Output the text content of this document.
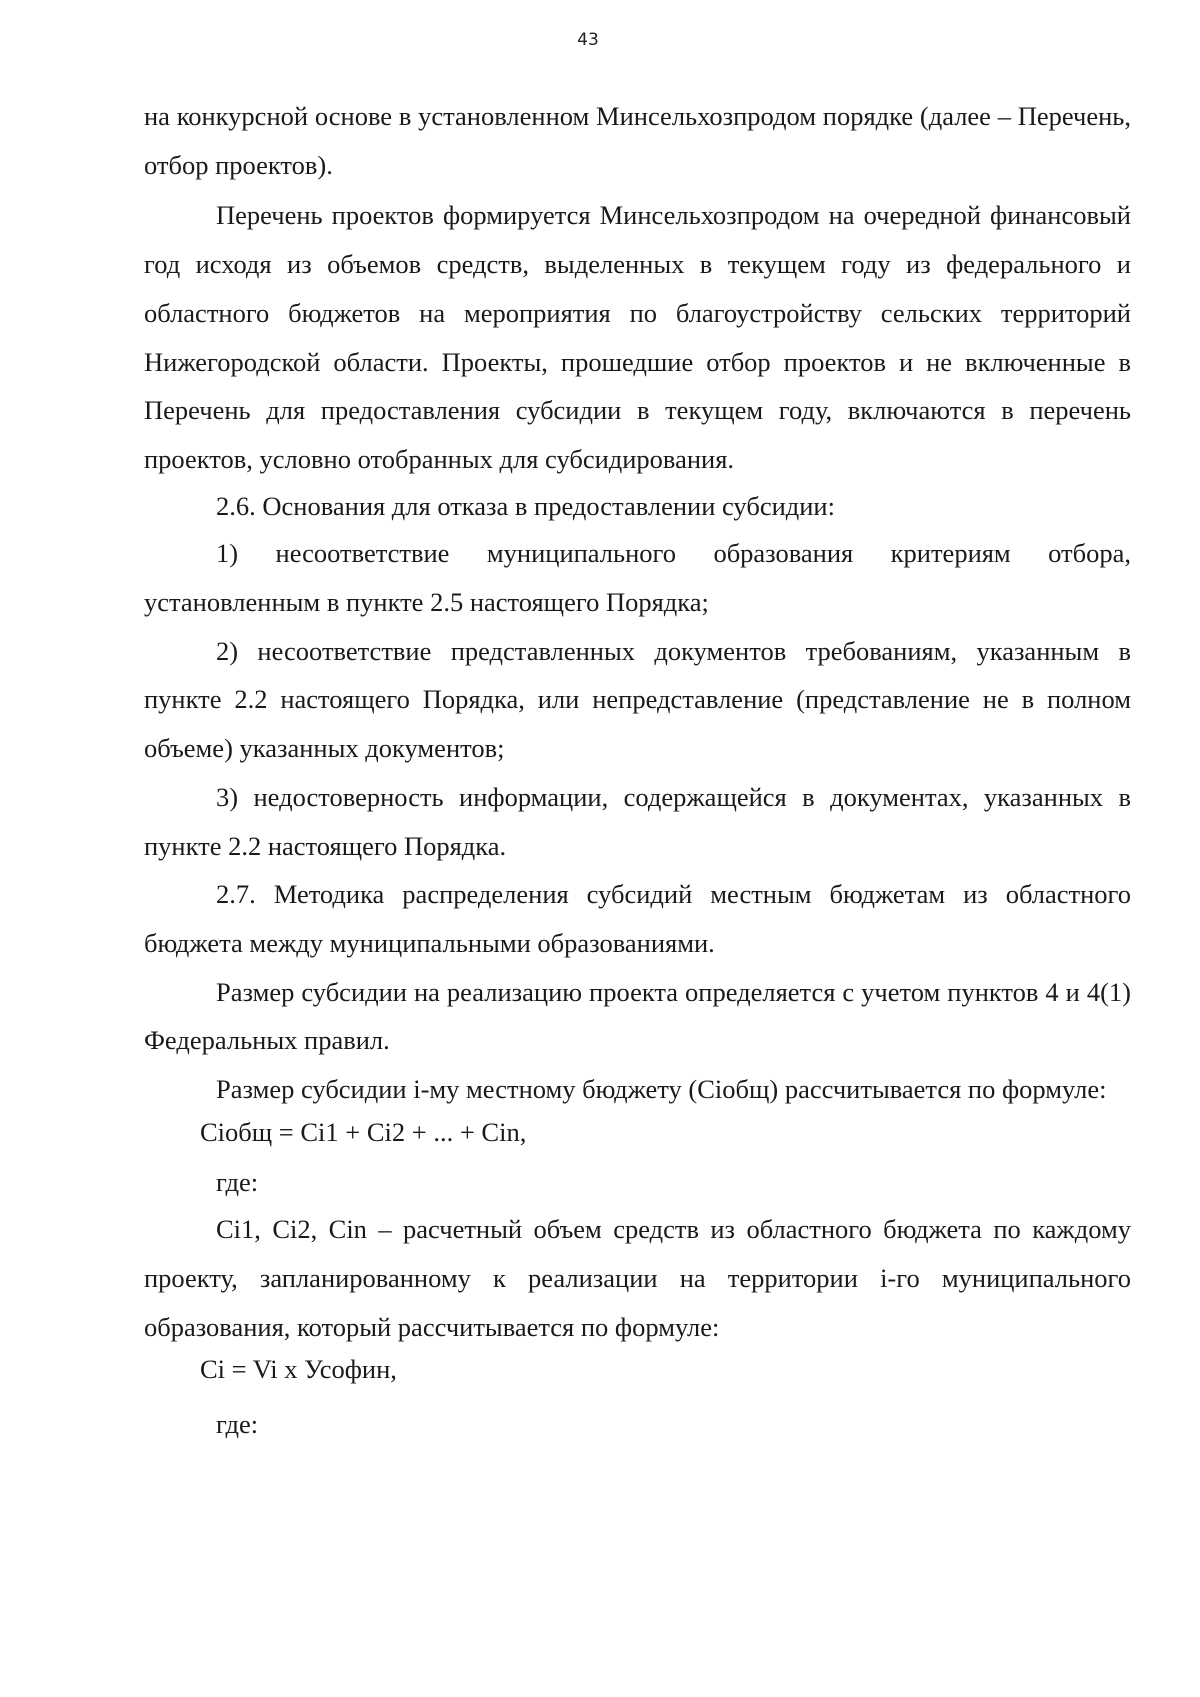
43

на конкурсной основе в установленном Минсельхозпродом порядке (далее – Перечень, отбор проектов).

Перечень проектов формируется Минсельхозпродом на очередной финансовый год исходя из объемов средств, выделенных в текущем году из федерального и областного бюджетов на мероприятия по благоустройству сельских территорий Нижегородской области. Проекты, прошедшие отбор проектов и не включенные в Перечень для предоставления субсидии в текущем году, включаются в перечень проектов, условно отобранных для субсидирования.

2.6. Основания для отказа в предоставлении субсидии:

1) несоответствие муниципального образования критериям отбора, установленным в пункте 2.5 настоящего Порядка;

2) несоответствие представленных документов требованиям, указанным в пункте 2.2 настоящего Порядка, или непредставление (представление не в полном объеме) указанных документов;

3) недостоверность информации, содержащейся в документах, указанных в пункте 2.2 настоящего Порядка.

2.7. Методика распределения субсидий местным бюджетам из областного бюджета между муниципальными образованиями.

Размер субсидии на реализацию проекта определяется с учетом пунктов 4 и 4(1) Федеральных правил.

Размер субсидии i-му местному бюджету (Сiобщ) рассчитывается по формуле:

Сiобщ = Сi1 + Сi2 + ... + Сin,

где:

Сi1, Сi2, Сin – расчетный объем средств из областного бюджета по каждому проекту, запланированному к реализации на территории i-го муниципального образования, который рассчитывается по формуле:

Сi = Vi x Усофин,

где:
